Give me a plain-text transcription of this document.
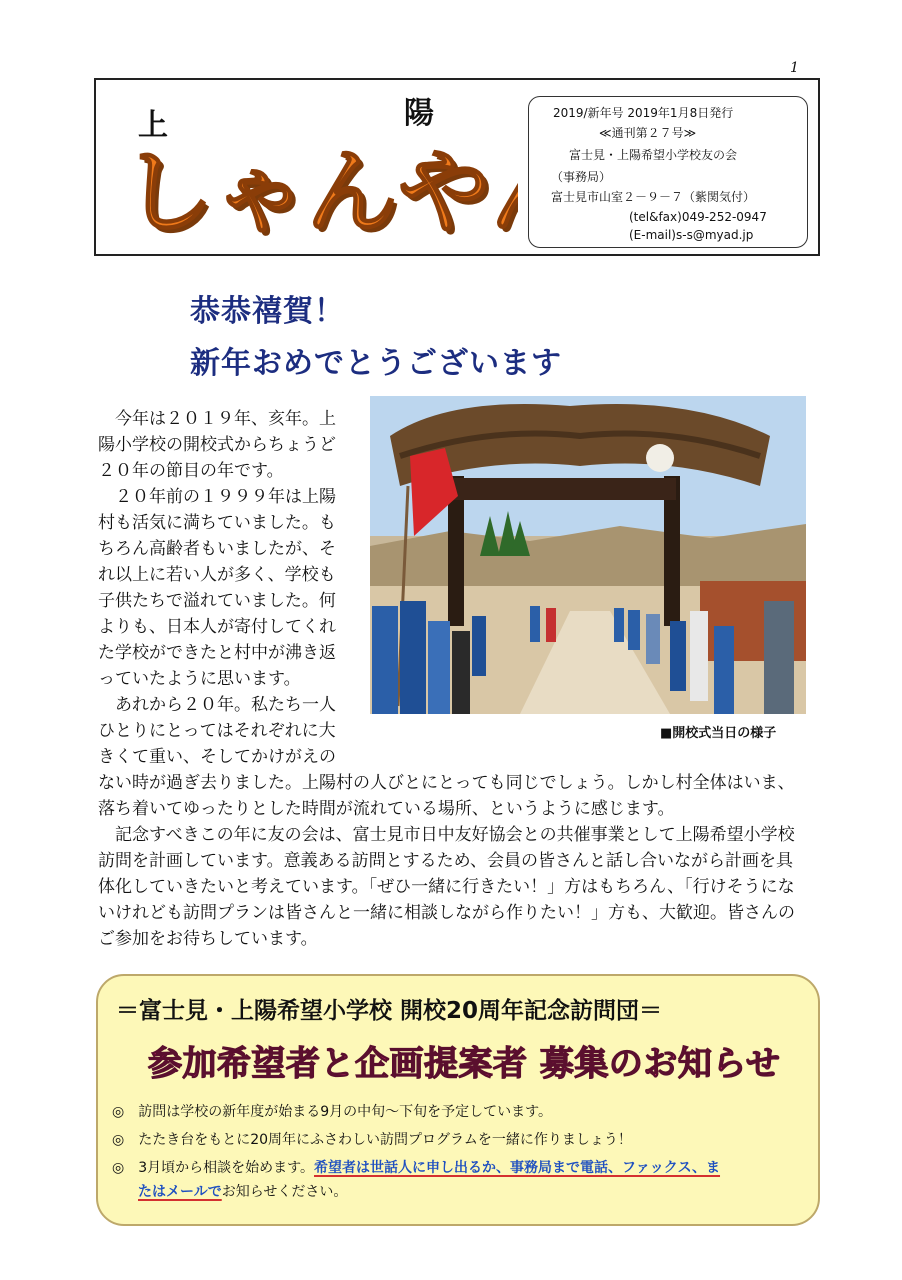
1
上	陽
しゃんや
しゃんや
2019/新年号 2019年1月8日発行
≪通刊第２７号≫
富士見・上陽希望小学校友の会
（事務局）
富士見市山室２－９－７（紫関気付）
(tel&fax)049-252-0947
(E-mail)s-s@myad.jp
恭恭禧賀！
新年おめでとうございます
　今年は２０１９年、亥年。上
陽小学校の開校式からちょうど
２０年の節目の年です。
　２０年前の１９９９年は上陽
村も活気に満ちていました。も
ちろん高齢者もいましたが、そ
れ以上に若い人が多く、学校も
子供たちで溢れていました。何
よりも、日本人が寄付してくれ
た学校ができたと村中が沸き返
っていたように思います。
　あれから２０年。私たち一人
ひとりにとってはそれぞれに大
きくて重い、そしてかけがえの
ない時が過ぎ去りました。上陽村の人びとにとっても同じでしょう。しかし村全体はいま、
落ち着いてゆったりとした時間が流れている場所、というように感じます。
　記念すべきこの年に友の会は、富士見市日中友好協会との共催事業として上陽希望小学校
訪問を計画しています。意義ある訪問とするため、会員の皆さんと話し合いながら計画を具
体化していきたいと考えています。「ぜひ一緒に行きたい！」方はもちろん、「行けそうにな
いけれども訪問プランは皆さんと一緒に相談しながら作りたい！」方も、大歓迎。皆さんの
ご参加をお待ちしています。
■開校式当日の様子
＝富士見・上陽希望小学校 開校20周年記念訪問団＝
参加希望者と企画提案者 募集のお知らせ
◎　 訪問は学校の新年度が始まる9月の中旬～下旬を予定しています。
◎　 たたき台をもとに20周年にふさわしい訪問プログラムを一緒に作りましょう！
◎　 3月頃から相談を始めます。希望者は世話人に申し出るか、事務局まで電話、ファックス、ま
たはメールでお知らせください。
